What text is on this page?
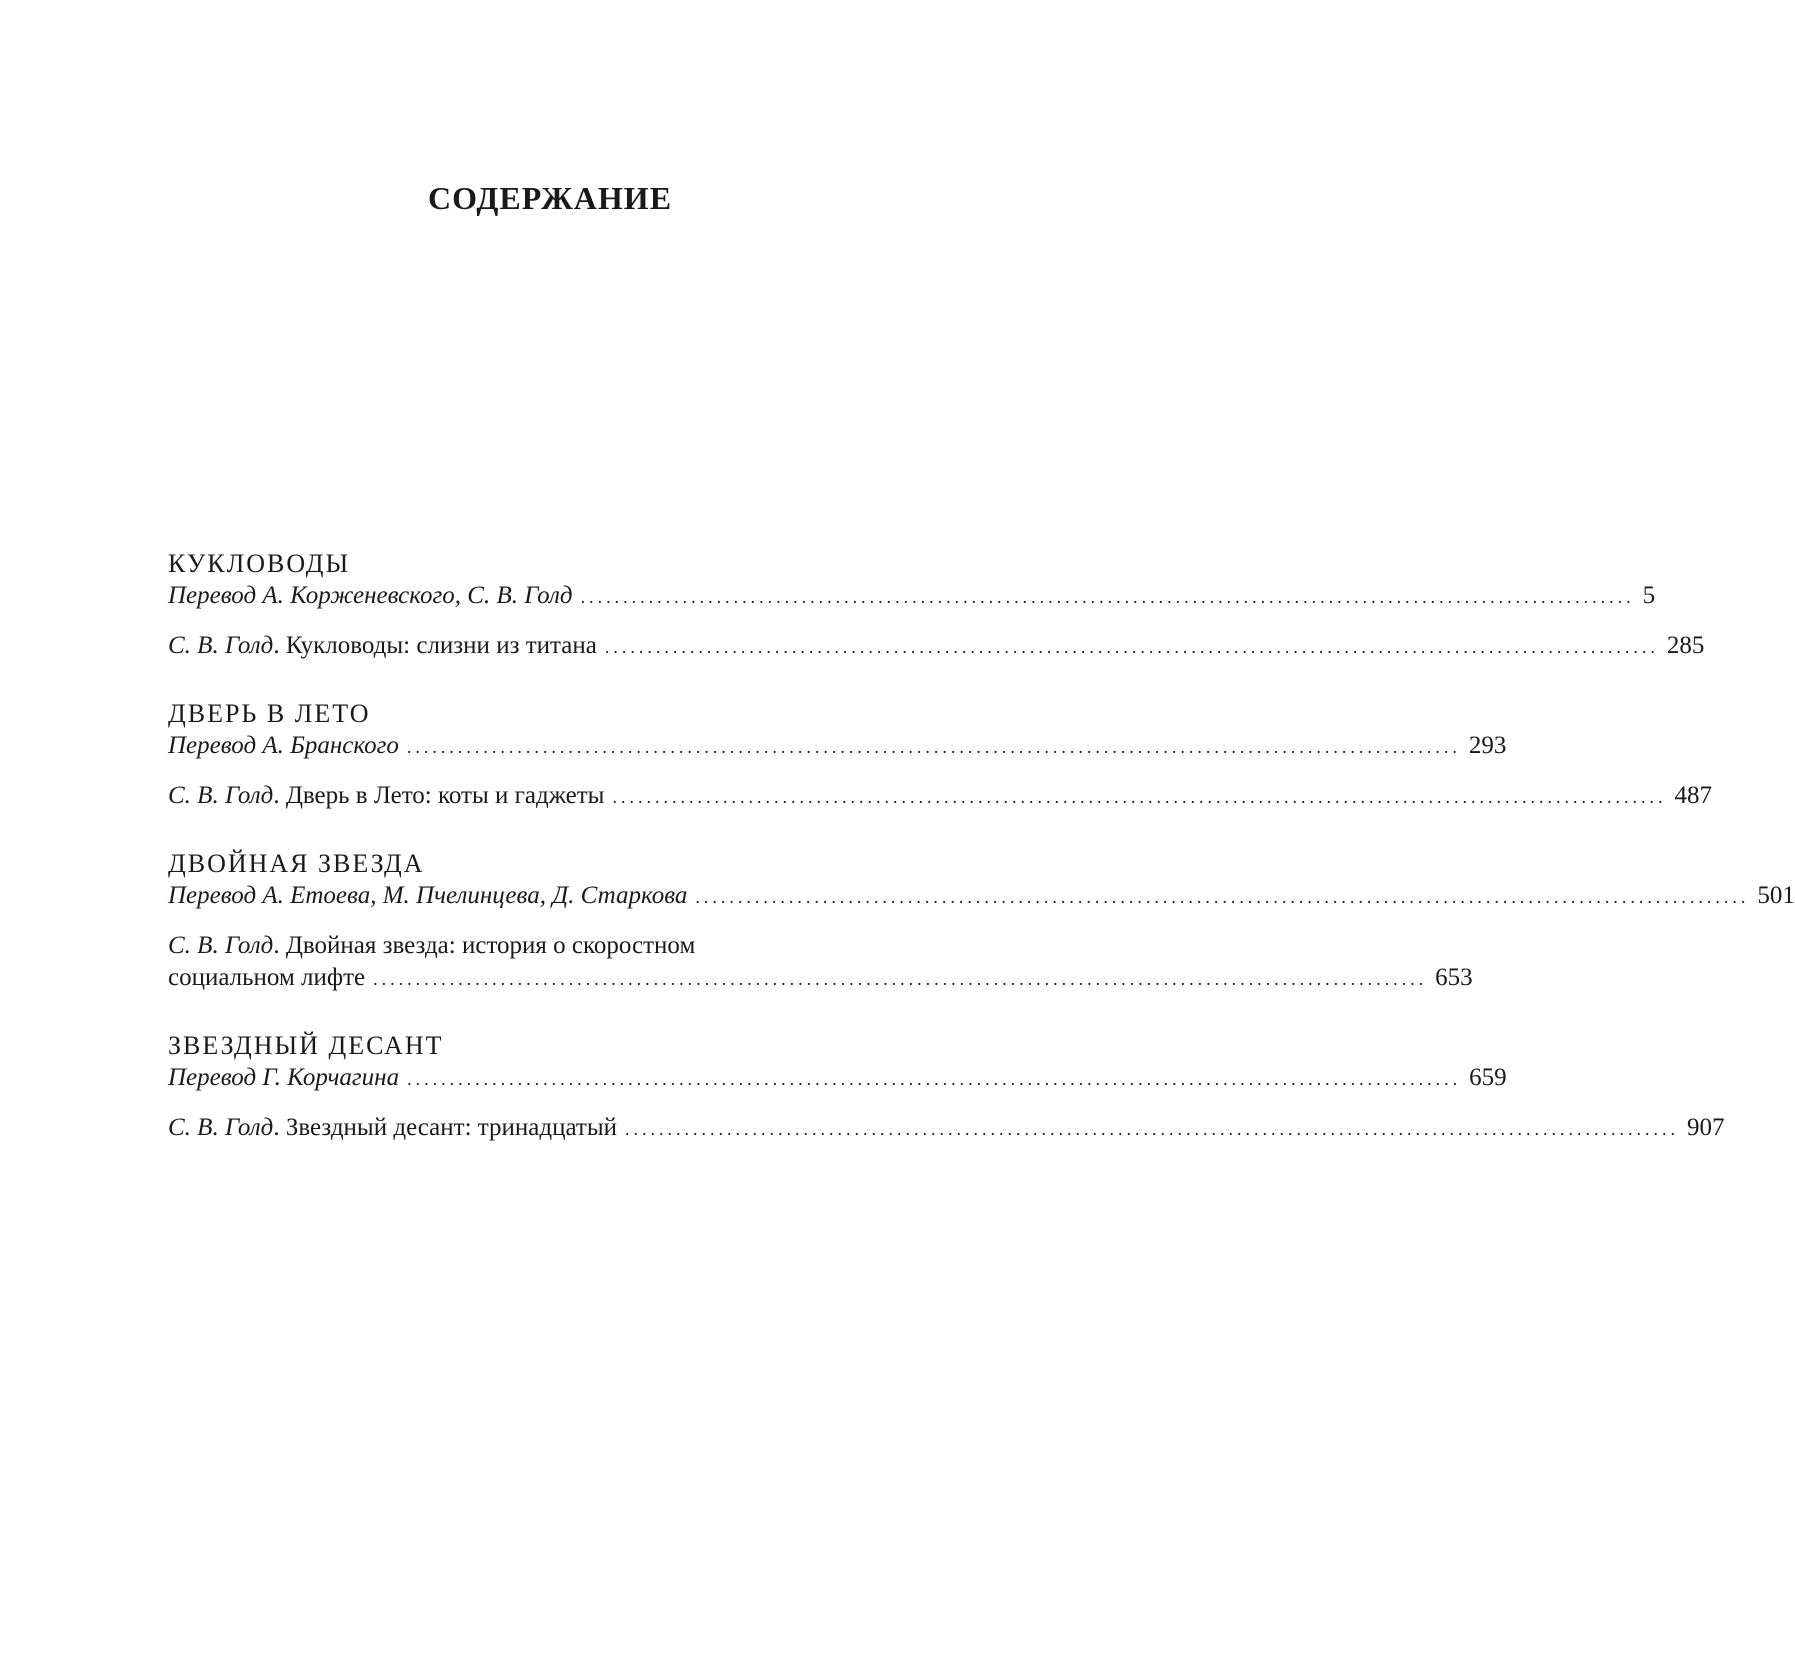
СОДЕРЖАНИЕ
КУКЛОВОДЫ
Перевод А. Корженевского, С. В. Голд ............................................................................................................................ 5
С. В. Голд. Кукловоды: слизни из титана ............................................................................................................................ 285
ДВЕРЬ В ЛЕТО
Перевод А. Бранского ............................................................................................................................ 293
С. В. Голд. Дверь в Лето: коты и гаджеты ............................................................................................................................ 487
ДВОЙНАЯ ЗВЕЗДА
Перевод А. Етоева, М. Пчелинцева, Д. Старкова ............................................................................................................................ 501
С. В. Голд. Двойная звезда: история о скоростном
социальном лифте ............................................................................................................................ 653
ЗВЕЗДНЫЙ ДЕСАНТ
Перевод Г. Корчагина ............................................................................................................................ 659
С. В. Голд. Звездный десант: тринадцатый ............................................................................................................................ 907
